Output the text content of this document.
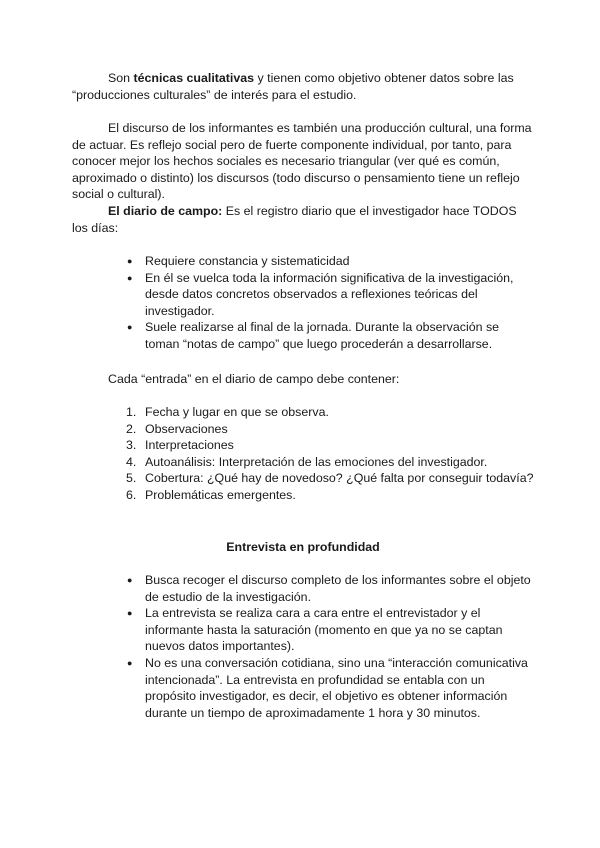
Son técnicas cualitativas y tienen como objetivo obtener datos sobre las “producciones culturales” de interés para el estudio.

El discurso de los informantes es también una producción cultural, una forma de actuar. Es reflejo social pero de fuerte componente individual, por tanto, para conocer mejor los hechos sociales es necesario triangular (ver qué es común, aproximado o distinto) los discursos (todo discurso o pensamiento tiene un reflejo social o cultural).

El diario de campo: Es el registro diario que el investigador hace TODOS los días:

● Requiere constancia y sistematicidad
● En él se vuelca toda la información significativa de la investigación, desde datos concretos observados a reflexiones teóricas del investigador.
● Suele realizarse al final de la jornada. Durante la observación se toman “notas de campo” que luego procederán a desarrollarse.

Cada “entrada” en el diario de campo debe contener:

1. Fecha y lugar en que se observa.
2. Observaciones
3. Interpretaciones
4. Autoanálisis: Interpretación de las emociones del investigador.
5. Cobertura: ¿Qué hay de novedoso? ¿Qué falta por conseguir todavía?
6. Problemáticas emergentes.

Entrevista en profundidad

● Busca recoger el discurso completo de los informantes sobre el objeto de estudio de la investigación.
● La entrevista se realiza cara a cara entre el entrevistador y el informante hasta la saturación (momento en que ya no se captan nuevos datos importantes).
● No es una conversación cotidiana, sino una “interacción comunicativa intencionada”. La entrevista en profundidad se entabla con un propósito investigador, es decir, el objetivo es obtener información durante un tiempo de aproximadamente 1 hora y 30 minutos.
